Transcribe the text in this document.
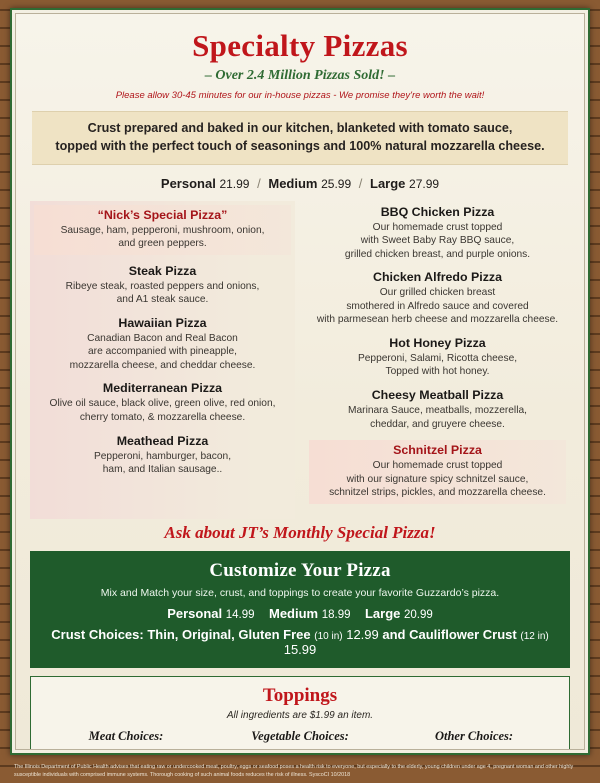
Specialty Pizzas
– Over 2.4 Million Pizzas Sold! –
Please allow 30-45 minutes for our in-house pizzas - We promise they're worth the wait!
Crust prepared and baked in our kitchen, blanketed with tomato sauce,
topped with the perfect touch of seasonings and 100% natural mozzarella cheese.
Personal 21.99 / Medium 25.99 / Large 27.99
“Nick’s Special Pizza”
Sausage, ham, pepperoni, mushroom, onion,
and green peppers.
Steak Pizza
Ribeye steak, roasted peppers and onions,
and A1 steak sauce.
Hawaiian Pizza
Canadian Bacon and Real Bacon
are accompanied with pineapple,
mozzarella cheese, and cheddar cheese.
Mediterranean Pizza
Olive oil sauce, black olive, green olive, red onion,
cherry tomato, & mozzarella cheese.
Meathead Pizza
Pepperoni, hamburger, bacon,
ham, and Italian sausage..
BBQ Chicken Pizza
Our homemade crust topped
with Sweet Baby Ray BBQ sauce,
grilled chicken breast, and purple onions.
Chicken Alfredo Pizza
Our grilled chicken breast
smothered in Alfredo sauce and covered
with parmesean herb cheese and mozzarella cheese.
Hot Honey Pizza
Pepperoni, Salami, Ricotta cheese,
Topped with hot honey.
Cheesy Meatball Pizza
Marinara Sauce, meatballs, mozzerella,
cheddar, and gruyere cheese.
Schnitzel Pizza
Our homemade crust topped
with our signature spicy schnitzel sauce,
schnitzel strips, pickles, and mozzarella cheese.
Ask about JT’s Monthly Special Pizza!
Customize Your Pizza
Mix and Match your size, crust, and toppings to create your favorite Guzzardo’s pizza.
Personal 14.99 Medium 18.99 Large 20.99
Crust Choices: Thin, Original, Gluten Free (10 in) 12.99 and Cauliflower Crust (12 in) 15.99
Toppings
All ingredients are $1.99 an item.
Meat Choices:	Vegetable Choices:	Other Choices:
The Illinois Department of Public Health advises that eating raw or undercooked meat, poultry, eggs or seafood poses a health risk to everyone, but especially to the elderly, young children under age 4, pregnant woman and other highly susceptible individuals with comprised immune systems. Thorough cooking of such animal foods reduces the risk of illness. SyscoCI 10/2018
